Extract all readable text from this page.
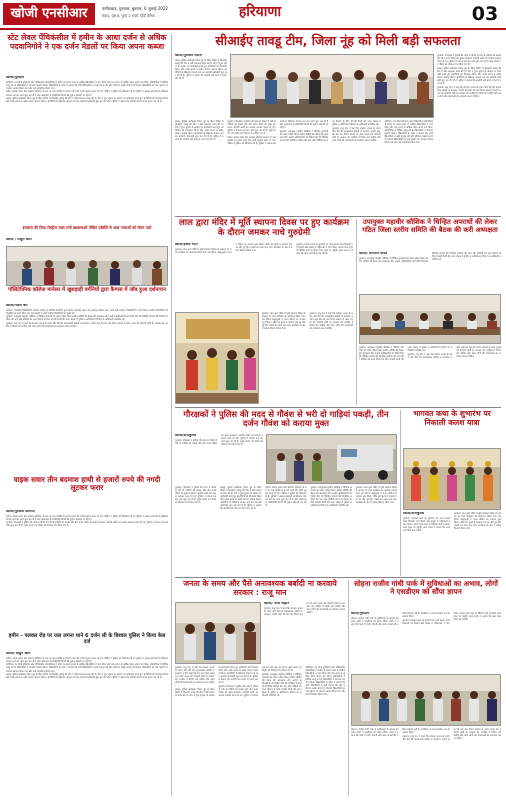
खोजी एनसीआर	फरीदाबाद, गुरुग्राम, बुधवार, 6 जुलाई 2022
संवाद, पृष्ठ 8, मूल्य 2 रुपये, हिंदी दैनिक	हरियाणा	03
स्टेट लेवल पेंचिकंसील में हमीन के आधा दर्जन से अधिक पदवानिगोने ने एक दर्जन मेडलों पर किया अपना कब्जा
खोजी/गुरुग्राम

हरीमिया। गत दिनों हरियाणा स्टेट पेंचिकंसील प्रतियोगिता में हमीन के आधा दर्जन से अधिक खिलाड़ियों ने भाग लिया और एक दर्जन से अधिक मेडल अपने नाम किए। प्रतियोगिता में विभिन्न आयु वर्ग के खिलाड़ियों ने शानदार प्रदर्शन किया। खिलाड़ियों के कोच ने बताया कि सभी खिलाड़ियों ने कड़ी मेहनत की और परिणाम सबके सामने है। विजेता खिलाड़ियों का गांव पहुंचने पर जोरदार स्वागत किया गया और उन्हें सम्मानित किया गया।

हथीन। बाइक सवार तीन बदमाश हथियार के बल पर एक व्यक्ति से हजारों रुपये की नगदी लूटकर फरार हो गए। पीड़ित ने पुलिस को शिकायत दी है। पुलिस ने अज्ञात बदमाशों के खिलाफ मामला दर्ज कर जांच शुरू कर दी है और आसपास के सीसीटीवी कैमरों की फुटेज खंगाली जा रही है।

तावडू। पुलिस अधीक्षक जिला नूंह के दिशा निर्देश में सीआईए तावडू की टीम ने बड़ी सफलता प्राप्त की है। टीम ने गुप्त सूचना के आधार पर कार्यवाही करते हुए आरोपियों को गिरफ्तार किया और उनके कब्जे से अवैध सामान बरामद किया। आरोपियों के खिलाफ मामला दर्ज कर आगामी कार्यवाही शुरू कर दी गई है। पुलिस ने बताया कि आरोपी लंबे समय से फरार चल रहे थे।

इनलास की लिया रिस्ट्रीज उक्त रानी खाद्यावाओं पीडित एडेबीवें से आज्ञ नामाओं को लेकर पर्चा
खोजी / साहुन खान
पॉलिटेक्निक कॉलेज मानेसर में खुशहाड़ी वर्गनियों द्वारा कैम्पस में जॉब हुआ दर्शनाचन
खोजी/नीरज बोर

मानेसर। राजकीय पॉलिटेक्निक कॉलेज मानेसर में विभिन्न कंपनियों द्वारा कैम्पस प्लेसमेंट ड्राइव का आयोजन किया गया। इसमें बड़ी संख्या में विद्यार्थियों ने भाग लिया। चयनित विद्यार्थियों को नियुक्ति पत्र प्रदान किए गए। प्रधानाचार्य ने सभी चयनित विद्यार्थियों को बधाई दी।

गुरुग्राम। उपायुक्त महावीर कौशिक ने चिन्हित अपराधों को लेकर गठित जिला स्तरीय समिति की बैठक की अध्यक्षता की। उन्होंने अधिकारियों को निर्देश दिए कि चिन्हित मामलों की नियमित समीक्षा की जाए और दोषियों को सजा दिलाने के लिए प्रभावी पैरवी की जाए। बैठक में पुलिस व अभियोजन विभाग के अधिकारी उपस्थित रहे।

गुरुग्राम। राजू मान ने कहा कि सरकार जनता के समय और पैसे की अनावश्यक बर्बादी ना करवाए। उन्होंने कहा कि बार बार नियम बदलने से आम जनता को परेशानी होती है। सरकार को जनहित में निर्णय लेने चाहिए और आम लोगों की समस्याओं का समाधान करना चाहिए।

वाइक सवार तीन बदमाश हाथी से हजारों रुपये की नगदी लूटकर फरार
खोजी/गुरुग्राम वालिया

हथीन। बाइक सवार तीन बदमाश हथियार के बल पर एक व्यक्ति से हजारों रुपये की नगदी लूटकर फरार हो गए। पीड़ित ने पुलिस को शिकायत दी है। पुलिस ने अज्ञात बदमाशों के खिलाफ मामला दर्ज कर जांच शुरू कर दी है और आसपास के सीसीटीवी कैमरों की फुटेज खंगाली जा रही है।

गुरुग्राम। गौरक्षकों ने पुलिस की मदद से गौवंश से भरी दो गाड़ियों को पकड़ा और तीन दर्जन गौवंश को मुक्त करवाया। आरोपी अंधेरे का फायदा उठाकर फरार हो गए। पुलिस ने मामला दर्ज कर जांच शुरू कर दी है। मुक्त कराए गए गौवंश को गौशाला भेज दिया गया है।

हमीन - पलवल रोड पर जल लगना थाने 6 दर्जन सी के विशाल पुलिस ने किया केस दर्ज
खोजी/ साहुन खान

हथीन। बाइक सवार तीन बदमाश हथियार के बल पर एक व्यक्ति से हजारों रुपये की नगदी लूटकर फरार हो गए। पीड़ित ने पुलिस को शिकायत दी है। पुलिस ने अज्ञात बदमाशों के खिलाफ मामला दर्ज कर जांच शुरू कर दी है और आसपास के सीसीटीवी कैमरों की फुटेज खंगाली जा रही है।

हरीमिया। गत दिनों हरियाणा स्टेट पेंचिकंसील प्रतियोगिता में हमीन के आधा दर्जन से अधिक खिलाड़ियों ने भाग लिया और एक दर्जन से अधिक मेडल अपने नाम किए। प्रतियोगिता में विभिन्न आयु वर्ग के खिलाड़ियों ने शानदार प्रदर्शन किया। खिलाड़ियों के कोच ने बताया कि सभी खिलाड़ियों ने कड़ी मेहनत की और परिणाम सबके सामने है। विजेता खिलाड़ियों का गांव पहुंचने पर जोरदार स्वागत किया गया और उन्हें सम्मानित किया गया।

तावडू। पुलिस अधीक्षक जिला नूंह के दिशा निर्देश में सीआईए तावडू की टीम ने बड़ी सफलता प्राप्त की है। टीम ने गुप्त सूचना के आधार पर कार्यवाही करते हुए आरोपियों को गिरफ्तार किया और उनके कब्जे से अवैध सामान बरामद किया। आरोपियों के खिलाफ मामला दर्ज कर आगामी कार्यवाही शुरू कर दी गई है। पुलिस ने बताया कि आरोपी लंबे समय से फरार चल रहे थे।

सीआईए तावडू टीम, जिला नूंह को मिली बड़ी सफलता
खोजी/गुरुग्राम नंदाना

तावडू। पुलिस अधीक्षक जिला नूंह के दिशा निर्देश में सीआईए तावडू की टीम ने बड़ी सफलता प्राप्त की है। टीम ने गुप्त सूचना के आधार पर कार्यवाही करते हुए आरोपियों को गिरफ्तार किया और उनके कब्जे से अवैध सामान बरामद किया। आरोपियों के खिलाफ मामला दर्ज कर आगामी कार्यवाही शुरू कर दी गई है। पुलिस ने बताया कि आरोपी लंबे समय से फरार चल रहे थे।

गुरुग्राम। गौरक्षकों ने पुलिस की मदद से गौवंश से भरी दो गाड़ियों को पकड़ा और तीन दर्जन गौवंश को मुक्त करवाया। आरोपी अंधेरे का फायदा उठाकर फरार हो गए। पुलिस ने मामला दर्ज कर जांच शुरू कर दी है। मुक्त कराए गए गौवंश को गौशाला भेज दिया गया है।

तावडू। पुलिस अधीक्षक जिला नूंह के दिशा निर्देश में सीआईए तावडू की टीम ने बड़ी सफलता प्राप्त की है। टीम ने गुप्त सूचना के आधार पर कार्यवाही करते हुए आरोपियों को गिरफ्तार किया और उनके कब्जे से अवैध सामान बरामद किया। आरोपियों के खिलाफ मामला दर्ज कर आगामी कार्यवाही शुरू कर दी गई है। पुलिस ने बताया कि आरोपी लंबे समय से फरार चल रहे थे।

गुरुग्राम। राजू मान ने कहा कि सरकार जनता के समय और पैसे की अनावश्यक बर्बादी ना करवाए। उन्होंने कहा कि बार बार नियम बदलने से आम जनता को परेशानी होती है। सरकार को जनहित में निर्णय लेने चाहिए और आम लोगों की समस्याओं का समाधान करना चाहिए।

तावडू। पुलिस अधीक्षक जिला नूंह के दिशा निर्देश में सीआईए तावडू की टीम ने बड़ी सफलता प्राप्त की है। टीम ने गुप्त सूचना के आधार पर कार्यवाही करते हुए आरोपियों को गिरफ्तार किया और उनके कब्जे से अवैध सामान बरामद किया। आरोपियों के खिलाफ मामला दर्ज कर आगामी कार्यवाही शुरू कर दी गई है। पुलिस ने बताया कि आरोपी लंबे समय से फरार चल रहे थे।

गुरुग्राम। गौरक्षकों ने पुलिस की मदद से गौवंश से भरी दो गाड़ियों को पकड़ा और तीन दर्जन गौवंश को मुक्त करवाया। आरोपी अंधेरे का फायदा उठाकर फरार हो गए। पुलिस ने मामला दर्ज कर जांच शुरू कर दी है। मुक्त कराए गए गौवंश को गौशाला भेज दिया गया है।

हथीन। बाइक सवार तीन बदमाश हथियार के बल पर एक व्यक्ति से हजारों रुपये की नगदी लूटकर फरार हो गए। पीड़ित ने पुलिस को शिकायत दी है। पुलिस ने अज्ञात बदमाशों के खिलाफ मामला दर्ज कर जांच शुरू कर दी है और आसपास के सीसीटीवी कैमरों की फुटेज खंगाली जा रही है।

गुरुग्राम। उपायुक्त महावीर कौशिक ने चिन्हित अपराधों को लेकर गठित जिला स्तरीय समिति की बैठक की अध्यक्षता की। उन्होंने अधिकारियों को निर्देश दिए कि चिन्हित मामलों की नियमित समीक्षा की जाए और दोषियों को सजा दिलाने के लिए प्रभावी पैरवी की जाए। बैठक में पुलिस व अभियोजन विभाग के अधिकारी उपस्थित रहे।

गुरुग्राम। राजू मान ने कहा कि सरकार जनता के समय और पैसे की अनावश्यक बर्बादी ना करवाए। उन्होंने कहा कि बार बार नियम बदलने से आम जनता को परेशानी होती है। सरकार को जनहित में निर्णय लेने चाहिए और आम लोगों की समस्याओं का समाधान करना चाहिए।

हरीमिया। गत दिनों हरियाणा स्टेट पेंचिकंसील प्रतियोगिता में हमीन के आधा दर्जन से अधिक खिलाड़ियों ने भाग लिया और एक दर्जन से अधिक मेडल अपने नाम किए। प्रतियोगिता में विभिन्न आयु वर्ग के खिलाड़ियों ने शानदार प्रदर्शन किया। खिलाड़ियों के कोच ने बताया कि सभी खिलाड़ियों ने कड़ी मेहनत की और परिणाम सबके सामने है। विजेता खिलाड़ियों का गांव पहुंचने पर जोरदार स्वागत किया गया और उन्हें सम्मानित किया गया।

लाल द्वारा मंदिर में मूर्ति स्थापना दिवस पर हुए कार्यक्रम के दौरान जमकर नाचे गुरुग्रेमी
खोजी/हरिश भाटी

गुरुग्राम। लाल द्वारा मंदिर में मूर्ति स्थापना दिवस के अवसर पर भव्य कार्यक्रम का आयोजन किया गया। इस दौरान श्रद्धालुओं ने भजन कीर्तन पर जमकर नृत्य किया। मंदिर को फूलों से सजाया गया था और पूरे दिन भक्तों का तांता लगा रहा। कार्यक्रम के अंत में प्रसाद वितरण किया गया।

गुरुग्राम। भागवत कथा के शुभारंभ पर भव्य कलश यात्रा निकाली गई जिसमें बड़ी संख्या में महिलाओं ने भाग लिया। कलश यात्रा शहर के विभिन्न मार्गों से होकर कथा स्थल पर पहुंची। कथा व्यास ने बताया कि कथा सात दिनों तक चलेगी।

गुरुग्राम। लाल द्वारा मंदिर में मूर्ति स्थापना दिवस के अवसर पर भव्य कार्यक्रम का आयोजन किया गया। इस दौरान श्रद्धालुओं ने भजन कीर्तन पर जमकर नृत्य किया। मंदिर को फूलों से सजाया गया था और पूरे दिन भक्तों का तांता लगा रहा। कार्यक्रम के अंत में प्रसाद वितरण किया गया।

गुरुग्राम। राजू मान ने कहा कि सरकार जनता के समय और पैसे की अनावश्यक बर्बादी ना करवाए। उन्होंने कहा कि बार बार नियम बदलने से आम जनता को परेशानी होती है। सरकार को जनहित में निर्णय लेने चाहिए और आम लोगों की समस्याओं का समाधान करना चाहिए।

उपायुक्त महावीर कौशिक ने चिन्हित अपराधों की लेकर गठित जिला स्तरीय समिति की बैठक की करी अध्यक्षता
खोजी/ सतपाल यादव

गुरुग्राम। उपायुक्त महावीर कौशिक ने चिन्हित अपराधों को लेकर गठित जिला स्तरीय समिति की बैठक की अध्यक्षता की। उन्होंने अधिकारियों को निर्देश दिए कि चिन्हित मामलों की नियमित समीक्षा की जाए और दोषियों को सजा दिलाने के लिए प्रभावी पैरवी की जाए। बैठक में पुलिस व अभियोजन विभाग के अधिकारी उपस्थित रहे।

गुरुग्राम। उपायुक्त महावीर कौशिक ने चिन्हित अपराधों को लेकर गठित जिला स्तरीय समिति की बैठक की अध्यक्षता की। उन्होंने अधिकारियों को निर्देश दिए कि चिन्हित मामलों की नियमित समीक्षा की जाए और दोषियों को सजा दिलाने के लिए प्रभावी पैरवी की जाए। बैठक में पुलिस व अभियोजन विभाग के अधिकारी उपस्थित रहे।

गुरुग्राम। राजू मान ने कहा कि सरकार जनता के समय और पैसे की अनावश्यक बर्बादी ना करवाए। उन्होंने कहा कि बार बार नियम बदलने से आम जनता को परेशानी होती है। सरकार को जनहित में निर्णय लेने चाहिए और आम लोगों की समस्याओं का समाधान करना चाहिए।

गौरक्षकों ने पुलिस की मदद से गौवंश से भरी दो गाड़ियां पकड़ी, तीन दर्जन गौवंश को कराया मुक्त
खोजी/राजकुमार

गुरुग्राम। गौरक्षकों ने पुलिस की मदद से गौवंश से भरी दो गाड़ियों को पकड़ा और तीन दर्जन गौवंश को मुक्त करवाया। आरोपी अंधेरे का फायदा उठाकर फरार हो गए। पुलिस ने मामला दर्ज कर जांच शुरू कर दी है। मुक्त कराए गए गौवंश को गौशाला भेज दिया गया है।

गुरुग्राम। गौरक्षकों ने पुलिस की मदद से गौवंश से भरी दो गाड़ियों को पकड़ा और तीन दर्जन गौवंश को मुक्त करवाया। आरोपी अंधेरे का फायदा उठाकर फरार हो गए। पुलिस ने मामला दर्ज कर जांच शुरू कर दी है। मुक्त कराए गए गौवंश को गौशाला भेज दिया गया है।

तावडू। पुलिस अधीक्षक जिला नूंह के दिशा निर्देश में सीआईए तावडू की टीम ने बड़ी सफलता प्राप्त की है। टीम ने गुप्त सूचना के आधार पर कार्यवाही करते हुए आरोपियों को गिरफ्तार किया और उनके कब्जे से अवैध सामान बरामद किया। आरोपियों के खिलाफ मामला दर्ज कर आगामी कार्यवाही शुरू कर दी गई है। पुलिस ने बताया कि आरोपी लंबे समय से फरार चल रहे थे।

हथीन। बाइक सवार तीन बदमाश हथियार के बल पर एक व्यक्ति से हजारों रुपये की नगदी लूटकर फरार हो गए। पीड़ित ने पुलिस को शिकायत दी है। पुलिस ने अज्ञात बदमाशों के खिलाफ मामला दर्ज कर जांच शुरू कर दी है और आसपास के सीसीटीवी कैमरों की फुटेज खंगाली जा रही है।

गुरुग्राम। उपायुक्त महावीर कौशिक ने चिन्हित अपराधों को लेकर गठित जिला स्तरीय समिति की बैठक की अध्यक्षता की। उन्होंने अधिकारियों को निर्देश दिए कि चिन्हित मामलों की नियमित समीक्षा की जाए और दोषियों को सजा दिलाने के लिए प्रभावी पैरवी की जाए। बैठक में पुलिस व अभियोजन विभाग के अधिकारी उपस्थित रहे।

गुरुग्राम। लाल द्वारा मंदिर में मूर्ति स्थापना दिवस के अवसर पर भव्य कार्यक्रम का आयोजन किया गया। इस दौरान श्रद्धालुओं ने भजन कीर्तन पर जमकर नृत्य किया। मंदिर को फूलों से सजाया गया था और पूरे दिन भक्तों का तांता लगा रहा। कार्यक्रम के अंत में प्रसाद वितरण किया गया।

भागवत कथा के शुभारंभ पर निकाली कलश यात्रा
खोजी/राजकुमार

गुरुग्राम। भागवत कथा के शुभारंभ पर भव्य कलश यात्रा निकाली गई जिसमें बड़ी संख्या में महिलाओं ने भाग लिया। कलश यात्रा शहर के विभिन्न मार्गों से होकर कथा स्थल पर पहुंची। कथा व्यास ने बताया कि कथा सात दिनों तक चलेगी।

गुरुग्राम। लाल द्वारा मंदिर में मूर्ति स्थापना दिवस के अवसर पर भव्य कार्यक्रम का आयोजन किया गया। इस दौरान श्रद्धालुओं ने भजन कीर्तन पर जमकर नृत्य किया। मंदिर को फूलों से सजाया गया था और पूरे दिन भक्तों का तांता लगा रहा। कार्यक्रम के अंत में प्रसाद वितरण किया गया।

जनता के समय और पैसे अनावश्यक बर्बादी ना करवाये सरकार : राजू मान
खोजी/ नरेश चौहान

गुरुग्राम। राजू मान ने कहा कि सरकार जनता के समय और पैसे की अनावश्यक बर्बादी ना करवाए। उन्होंने कहा कि बार बार नियम बदलने से आम जनता को परेशानी होती है। सरकार को जनहित में निर्णय लेने चाहिए और आम लोगों की समस्याओं का समाधान करना चाहिए।

गुरुग्राम। राजू मान ने कहा कि सरकार जनता के समय और पैसे की अनावश्यक बर्बादी ना करवाए। उन्होंने कहा कि बार बार नियम बदलने से आम जनता को परेशानी होती है। सरकार को जनहित में निर्णय लेने चाहिए और आम लोगों की समस्याओं का समाधान करना चाहिए।

तावडू। पुलिस अधीक्षक जिला नूंह के दिशा निर्देश में सीआईए तावडू की टीम ने बड़ी सफलता प्राप्त की है। टीम ने गुप्त सूचना के आधार पर कार्यवाही करते हुए आरोपियों को गिरफ्तार किया और उनके कब्जे से अवैध सामान बरामद किया। आरोपियों के खिलाफ मामला दर्ज कर आगामी कार्यवाही शुरू कर दी गई है। पुलिस ने बताया कि आरोपी लंबे समय से फरार चल रहे थे।

गुरुग्राम। गौरक्षकों ने पुलिस की मदद से गौवंश से भरी दो गाड़ियों को पकड़ा और तीन दर्जन गौवंश को मुक्त करवाया। आरोपी अंधेरे का फायदा उठाकर फरार हो गए। पुलिस ने मामला दर्ज कर जांच शुरू कर दी है। मुक्त कराए गए गौवंश को गौशाला भेज दिया गया है।

गुरुग्राम। उपायुक्त महावीर कौशिक ने चिन्हित अपराधों को लेकर गठित जिला स्तरीय समिति की बैठक की अध्यक्षता की। उन्होंने अधिकारियों को निर्देश दिए कि चिन्हित मामलों की नियमित समीक्षा की जाए और दोषियों को सजा दिलाने के लिए प्रभावी पैरवी की जाए। बैठक में पुलिस व अभियोजन विभाग के अधिकारी उपस्थित रहे।

हरीमिया। गत दिनों हरियाणा स्टेट पेंचिकंसील प्रतियोगिता में हमीन के आधा दर्जन से अधिक खिलाड़ियों ने भाग लिया और एक दर्जन से अधिक मेडल अपने नाम किए। प्रतियोगिता में विभिन्न आयु वर्ग के खिलाड़ियों ने शानदार प्रदर्शन किया। खिलाड़ियों के कोच ने बताया कि सभी खिलाड़ियों ने कड़ी मेहनत की और परिणाम सबके सामने है। विजेता खिलाड़ियों का गांव पहुंचने पर जोरदार स्वागत किया गया और उन्हें सम्मानित किया गया।

सोहना राजीव गांधी पार्क में सुविधाओं का अभाव, लोगों ने एसडीएम को सौंपा ज्ञापन
खोजी/गुरुग्राम

सोहना। राजीव गांधी पार्क में सुविधाओं के अभाव को लेकर लोगों ने एसडीएम को ज्ञापन सौंपा। लोगों ने बताया कि पार्क में पानी, रोशनी और साफ सफाई की उचित व्यवस्था नहीं है। एसडीएम ने जल्द समाधान का आश्वासन दिया।

गुरुग्राम। भागवत कथा के शुभारंभ पर भव्य कलश यात्रा निकाली गई जिसमें बड़ी संख्या में महिलाओं ने भाग लिया। कलश यात्रा शहर के विभिन्न मार्गों से होकर कथा स्थल पर पहुंची। कथा व्यास ने बताया कि कथा सात दिनों तक चलेगी।

सोहना। राजीव गांधी पार्क में सुविधाओं के अभाव को लेकर लोगों ने एसडीएम को ज्ञापन सौंपा। लोगों ने बताया कि पार्क में पानी, रोशनी और साफ सफाई की उचित व्यवस्था नहीं है। एसडीएम ने जल्द समाधान का आश्वासन दिया।

गुरुग्राम। राजू मान ने कहा कि सरकार जनता के समय और पैसे की अनावश्यक बर्बादी ना करवाए। उन्होंने कहा कि बार बार नियम बदलने से आम जनता को परेशानी होती है। सरकार को जनहित में निर्णय लेने चाहिए और आम लोगों की समस्याओं का समाधान करना चाहिए।
